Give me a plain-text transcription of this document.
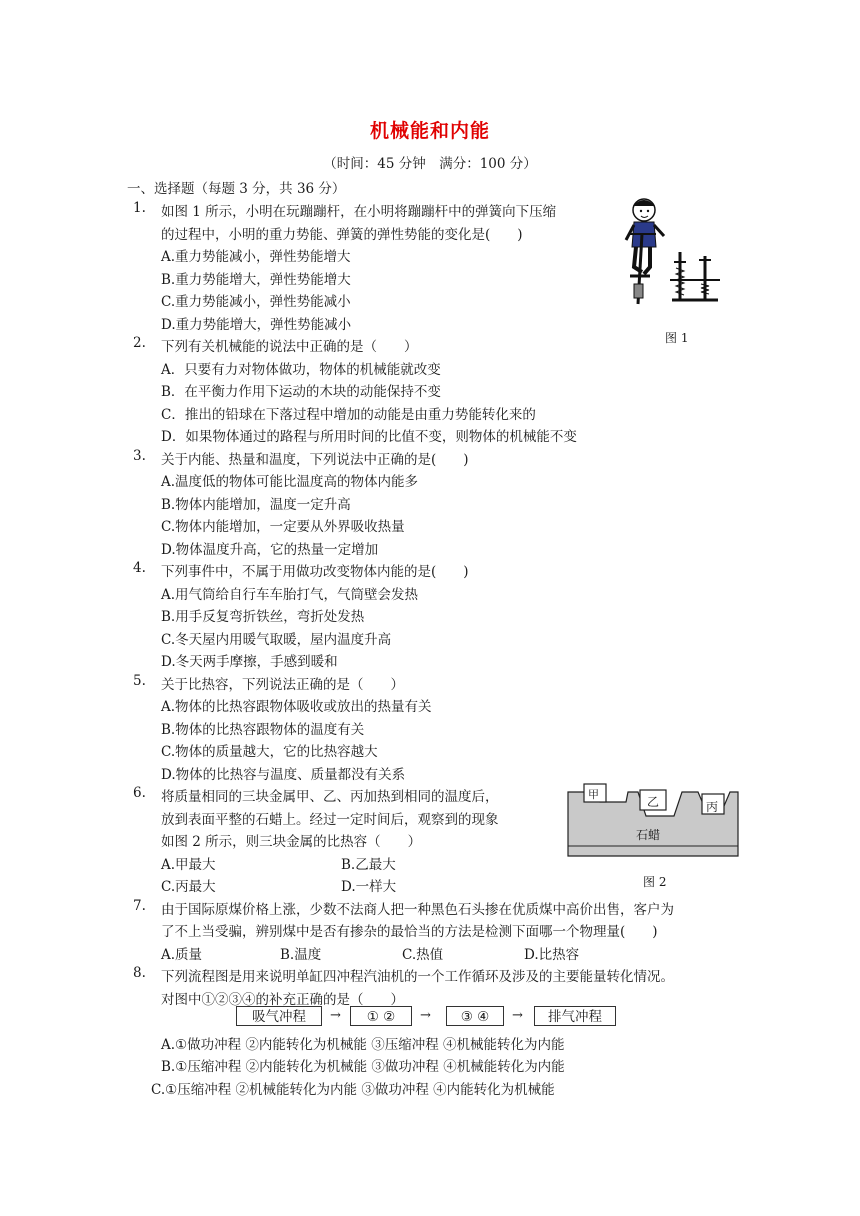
机械能和内能
（时间：45 分钟　满分：100 分）
一、选择题（每题 3 分，共 36 分）
1. 如图 1 所示，小明在玩蹦蹦杆，在小明将蹦蹦杆中的弹簧向下压缩
的过程中，小明的重力势能、弹簧的弹性势能的变化是(　　)
A.重力势能减小，弹性势能增大
B.重力势能增大，弹性势能增大
C.重力势能减小，弹性势能减小
D.重力势能增大，弹性势能减小
图 1
2. 下列有关机械能的说法中正确的是（　　）
A．只要有力对物体做功，物体的机械能就改变
B．在平衡力作用下运动的木块的动能保持不变
C．推出的铅球在下落过程中增加的动能是由重力势能转化来的
D．如果物体通过的路程与所用时间的比值不变，则物体的机械能不变
3. 关于内能、热量和温度，下列说法中正确的是(　　)
A.温度低的物体可能比温度高的物体内能多
B.物体内能增加，温度一定升高
C.物体内能增加，一定要从外界吸收热量
D.物体温度升高，它的热量一定增加
4. 下列事件中，不属于用做功改变物体内能的是(　　)
A.用气筒给自行车车胎打气，气筒壁会发热
B.用手反复弯折铁丝，弯折处发热
C.冬天屋内用暖气取暖，屋内温度升高
D.冬天两手摩擦，手感到暖和
5. 关于比热容，下列说法正确的是（　　）
A.物体的比热容跟物体吸收或放出的热量有关
B.物体的比热容跟物体的温度有关
C.物体的质量越大，它的比热容越大
D.物体的比热容与温度、质量都没有关系
6. 将质量相同的三块金属甲、乙、丙加热到相同的温度后，
放到表面平整的石蜡上。经过一定时间后，观察到的现象
如图 2 所示，则三块金属的比热容（　　）
A.甲最大	B.乙最大
C.丙最大	D.一样大
甲
乙	丙
石蜡
图 2
7. 由于国际原煤价格上涨，少数不法商人把一种黑色石头掺在优质煤中高价出售，客户为
了不上当受骗，辨别煤中是否有掺杂的最恰当的方法是检测下面哪一个物理量(　　)
A.质量	B.温度	C.热值	D.比热容
8. 下列流程图是用来说明单缸四冲程汽油机的一个工作循环及涉及的主要能量转化情况。
对图中①②③④的补充正确的是（　　）
吸气冲程	→	① ②	→	③ ④	→	排气冲程
A.①做功冲程 ②内能转化为机械能 ③压缩冲程 ④机械能转化为内能
B.①压缩冲程 ②内能转化为机械能 ③做功冲程 ④机械能转化为内能
C.①压缩冲程 ②机械能转化为内能 ③做功冲程 ④内能转化为机械能
